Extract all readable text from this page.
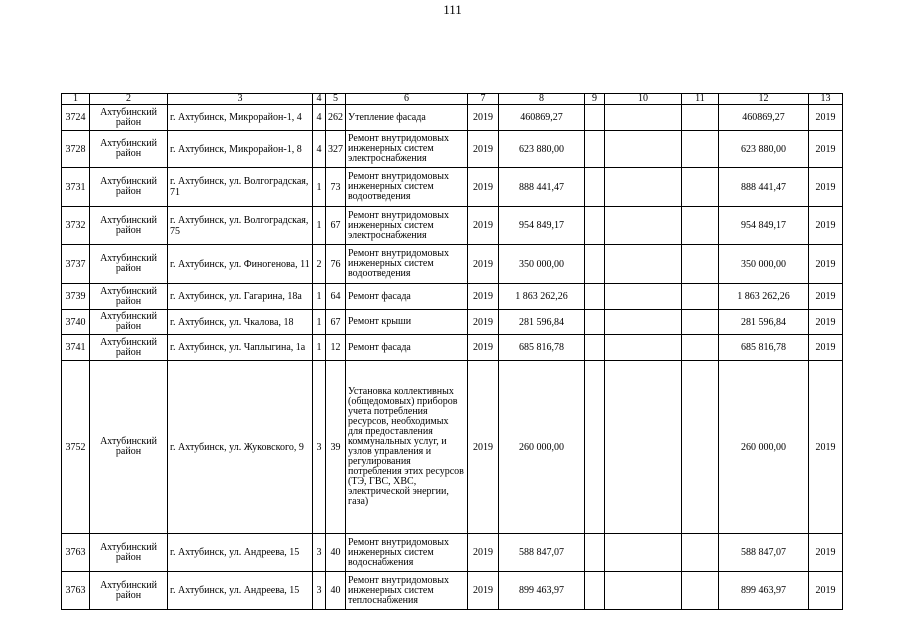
111
1	2	3	4	5	6	7	8	9	10	11	12	13
3724	Ахтубинский район	г. Ахтубинск, Микрорайон-1, 4	4	262	Утепление фасада	2019	460869,27				460869,27	2019
3728	Ахтубинский район	г. Ахтубинск, Микрорайон-1, 8	4	327	Ремонт внутридомовых инженерных систем электроснабжения	2019	623 880,00				623 880,00	2019
3731	Ахтубинский район	г. Ахтубинск, ул. Волгоградская, 71	1	73	Ремонт внутридомовых инженерных систем водоотведения	2019	888 441,47				888 441,47	2019
3732	Ахтубинский район	г. Ахтубинск, ул. Волгоградская, 75	1	67	Ремонт внутридомовых инженерных систем электроснабжения	2019	954 849,17				954 849,17	2019
3737	Ахтубинский район	г. Ахтубинск, ул. Финогенова, 11	2	76	Ремонт внутридомовых инженерных систем водоотведения	2019	350 000,00				350 000,00	2019
3739	Ахтубинский район	г. Ахтубинск, ул. Гагарина, 18а	1	64	Ремонт фасада	2019	1 863 262,26				1 863 262,26	2019
3740	Ахтубинский район	г. Ахтубинск, ул. Чкалова, 18	1	67	Ремонт крыши	2019	281 596,84				281 596,84	2019
3741	Ахтубинский район	г. Ахтубинск, ул. Чаплыгина, 1а	1	12	Ремонт фасада	2019	685 816,78				685 816,78	2019
3752	Ахтубинский район	г. Ахтубинск, ул. Жуковского, 9	3	39	Установка коллективных (общедомовых) приборов учета потребления ресурсов, необходимых для предоставления коммунальных услуг, и узлов управления и регулирования потребления этих ресурсов (ТЭ, ГВС, ХВС, электрической энергии, газа)	2019	260 000,00				260 000,00	2019
3763	Ахтубинский район	г. Ахтубинск, ул. Андреева, 15	3	40	Ремонт внутридомовых инженерных систем водоснабжения	2019	588 847,07				588 847,07	2019
3763	Ахтубинский район	г. Ахтубинск, ул. Андреева, 15	3	40	Ремонт внутридомовых инженерных систем теплоснабжения	2019	899 463,97				899 463,97	2019
